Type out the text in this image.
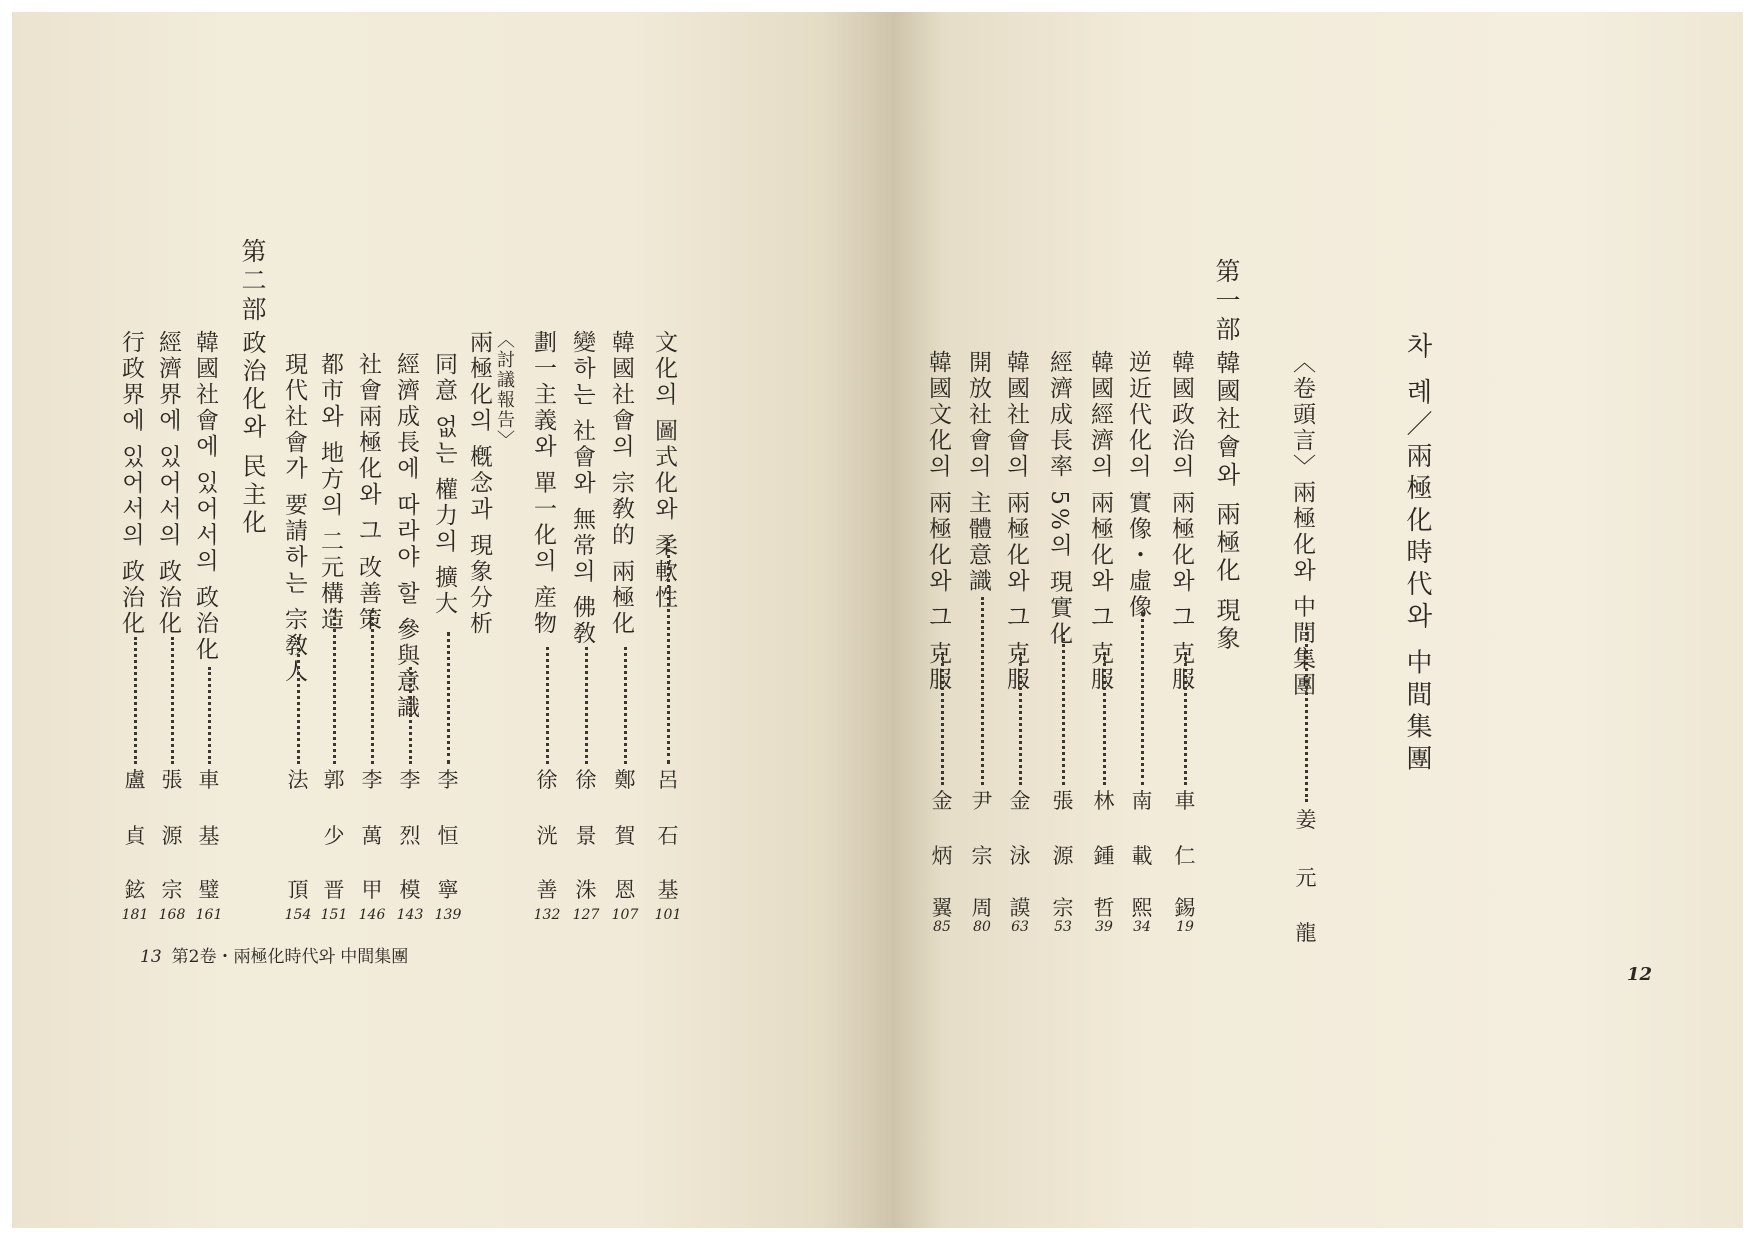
文化의 圖式化와 柔軟性
呂
石
基
101
韓國社會의 宗敎的 兩極化
鄭
賀
恩
107
變하는 社會와 無常의 佛敎
徐
景
洙
127
劃一主義와 單一化의 産物
徐
洸
善
132
〈討議報告〉
兩極化의 槪念과 現象分析
同意 없는 權力의 擴大
李
恒
寧
139
經濟成長에 따라야 할 參與意識
李
烈
模
143
社會兩極化와 그 改善策
李
萬
甲
146
都市와 地方의 二元構造
郭
少
晋
151
現代社會가 要請하는 宗敎人
法
頂
154
第二部
政治化와 民主化
韓國社會에 있어서의 政治化
車
基
璧
161
經濟界에 있어서의 政治化
張
源
宗
168
行政界에 있어서의 政治化
盧
貞
鉉
181
13 第2卷・兩極化時代와 中間集團
차 례／兩極化時代와 中間集團
〈卷頭言〉兩極化와 中間集團
姜
元
龍
第一部
韓國社會와 兩極化 現象
韓國政治의 兩極化와 그 克服
車
仁
錫
19
逆近代化의 實像・虛像
南
載
熙
34
韓國經濟의 兩極化와 그 克服
林
鍾
哲
39
經濟成長率 5%의 現實化
張
源
宗
53
韓國社會의 兩極化와 그 克服
金
泳
謨
63
開放社會의 主體意識
尹
宗
周
80
韓國文化의 兩極化와 그 克服
金
炳
翼
85
12
